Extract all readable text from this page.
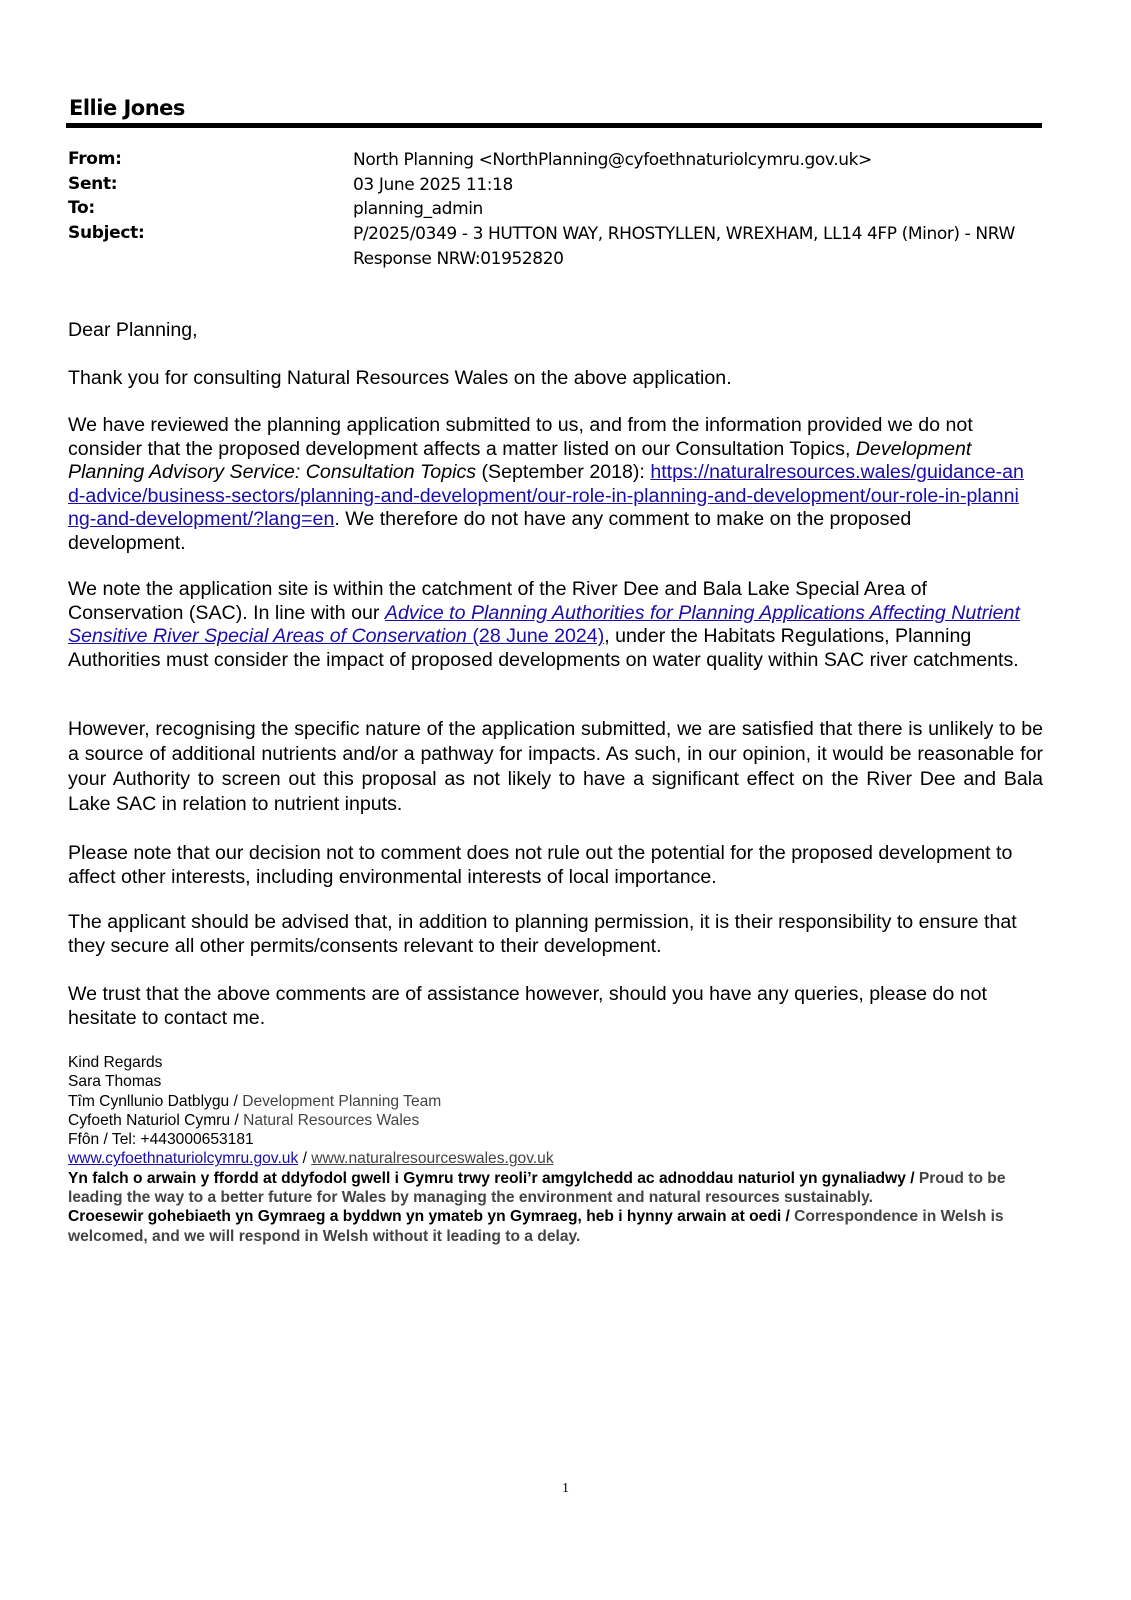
Ellie Jones
From:	North Planning <NorthPlanning@cyfoethnaturiolcymru.gov.uk>
Sent:	03 June 2025 11:18
To:	planning_admin
Subject:	P/2025/0349 - 3 HUTTON WAY, RHOSTYLLEN, WREXHAM, LL14 4FP (Minor) - NRW Response NRW:01952820
Dear Planning,
Thank you for consulting Natural Resources Wales on the above application.
We have reviewed the planning application submitted to us, and from the information provided we do not consider that the proposed development affects a matter listed on our Consultation Topics, Development Planning Advisory Service: Consultation Topics (September 2018): https://naturalresources.wales/guidance-and-advice/business-sectors/planning-and-development/our-role-in-planning-and-development/our-role-in-planning-and-development/?lang=en. We therefore do not have any comment to make on the proposed development.
We note the application site is within the catchment of the River Dee and Bala Lake Special Area of Conservation (SAC). In line with our Advice to Planning Authorities for Planning Applications Affecting Nutrient Sensitive River Special Areas of Conservation (28 June 2024), under the Habitats Regulations, Planning Authorities must consider the impact of proposed developments on water quality within SAC river catchments.
However, recognising the specific nature of the application submitted, we are satisfied that there is unlikely to be a source of additional nutrients and/or a pathway for impacts. As such, in our opinion, it would be reasonable for your Authority to screen out this proposal as not likely to have a significant effect on the River Dee and Bala Lake SAC in relation to nutrient inputs.
Please note that our decision not to comment does not rule out the potential for the proposed development to affect other interests, including environmental interests of local importance.
The applicant should be advised that, in addition to planning permission, it is their responsibility to ensure that they secure all other permits/consents relevant to their development.
We trust that the above comments are of assistance however, should you have any queries, please do not hesitate to contact me.
Kind Regards
Sara Thomas
Tîm Cynllunio Datblygu / Development Planning Team
Cyfoeth Naturiol Cymru / Natural Resources Wales
Ffôn / Tel: +443000653181
www.cyfoethnaturiolcymru.gov.uk / www.naturalresourceswales.gov.uk
Yn falch o arwain y ffordd at ddyfodol gwell i Gymru trwy reoli’r amgylchedd ac adnoddau naturiol yn gynaliadwy / Proud to be leading the way to a better future for Wales by managing the environment and natural resources sustainably.
Croesewir gohebiaeth yn Gymraeg a byddwn yn ymateb yn Gymraeg, heb i hynny arwain at oedi / Correspondence in Welsh is welcomed, and we will respond in Welsh without it leading to a delay.
1
